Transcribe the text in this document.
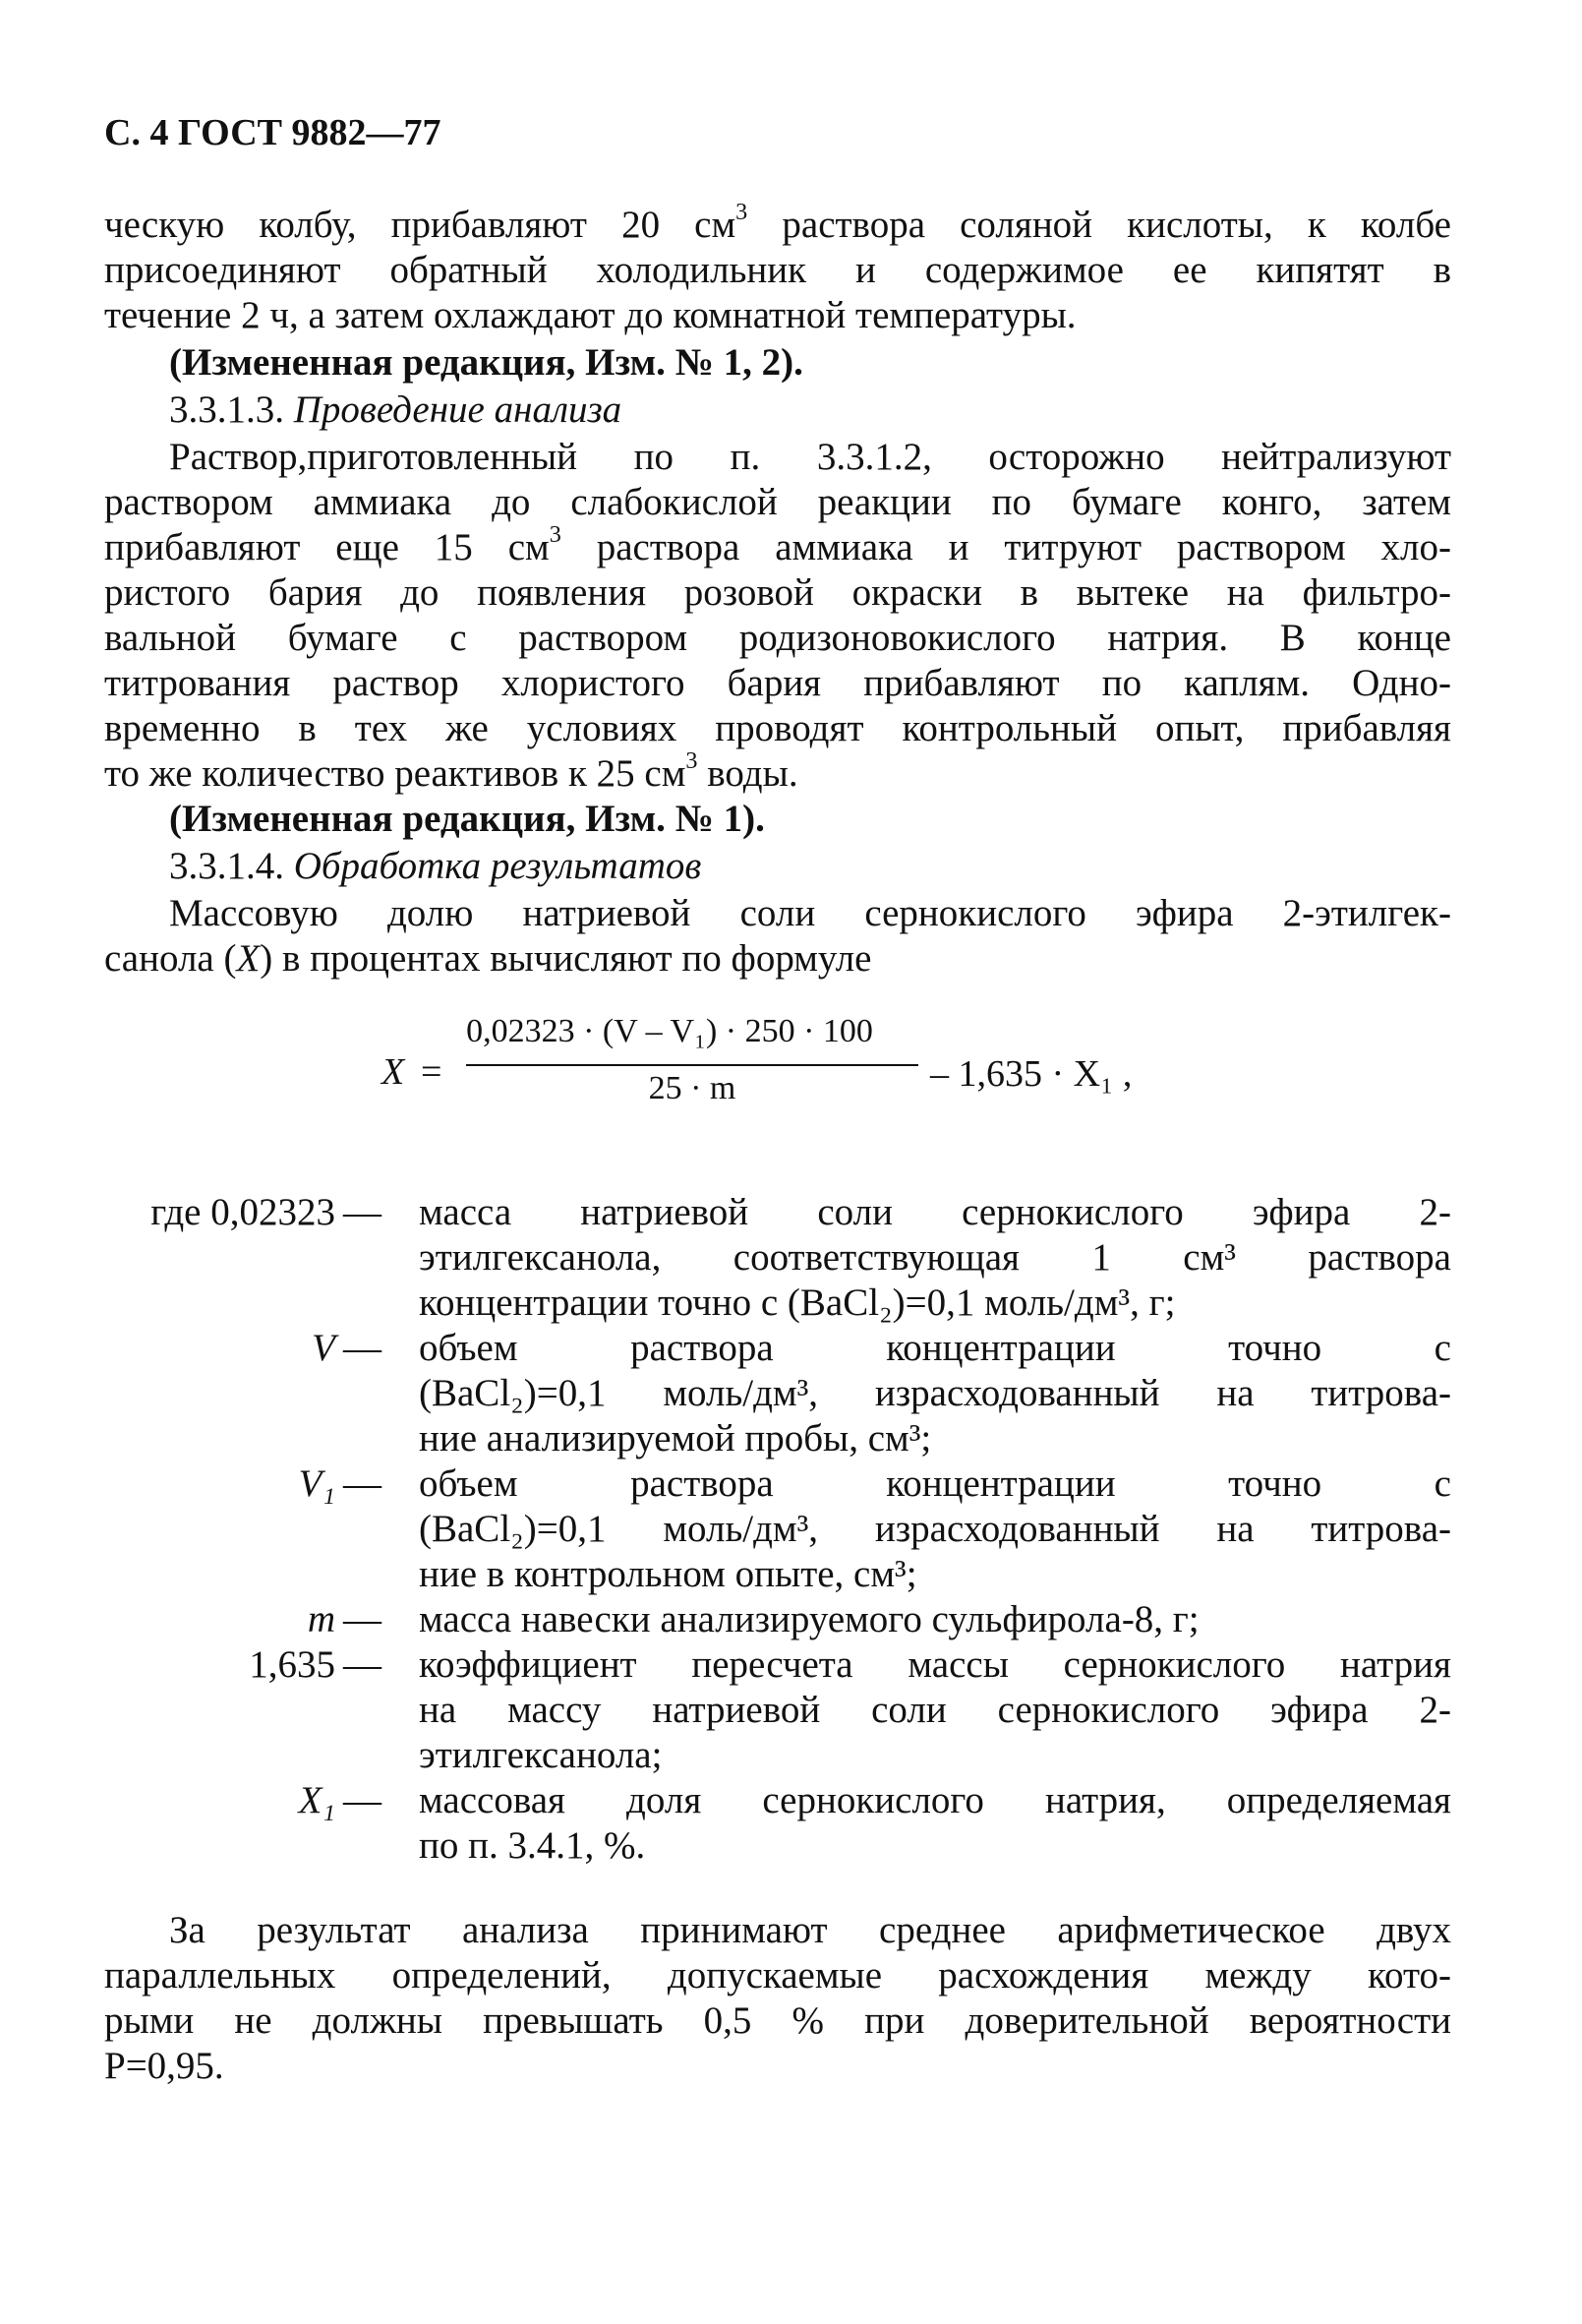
С. 4 ГОСТ 9882—77
ческую колбу, прибавляют 20 $см^3$ раствора соляной кислоты, к колбе
присоединяют обратный холодильник и содержимое ее кипятят в
течение 2 ч, а затем охлаждают до комнатной температуры.
(Измененная редакция, Изм. № 1, 2).
3.3.1.3. Проведение анализа
Раствор,приготовленный по п. 3.3.1.2, осторожно нейтрализуют
раствором аммиака до слабокислой реакции по бумаге конго, затем
прибавляют еще 15 $см^3$ раствора аммиака и титруют раствором хло-
ристого бария до появления розовой окраски в вытеке на фильтро-
вальной бумаге с раствором родизоновокислого натрия. В конце
титрования раствор хлористого бария прибавляют по каплям. Одно-
временно в тех же условиях проводят контрольный опыт, прибавляя
то же количество реактивов к 25 $см^3$ воды.
(Измененная редакция, Изм. № 1).
3.3.1.4. Обработка результатов
Массовую долю натриевой соли сернокислого эфира 2-этилгек-
санола (X) в процентах вычисляют по формуле
X =
0,02323 · (V – V₁) · 250 · 100
25 · m	– 1,635 · X₁ ,
где 0,02323 — масса натриевой соли сернокислого эфира 2-
этилгексанола, соответствующая 1 см³ раствора
концентрации точно с (BaCl₂)=0,1 моль/дм³, г;
V — объем раствора концентрации точно с
(BaCl₂)=0,1 моль/дм³, израсходованный на титрова-
ние анализируемой пробы, см³;
V₁ — объем раствора концентрации точно с
(BaCl₂)=0,1 моль/дм³, израсходованный на титрова-
ние в контрольном опыте, см³;
m — масса навески анализируемого сульфирола-8, г;
1,635 — коэффициент пересчета массы сернокислого натрия
на массу натриевой соли сернокислого эфира 2-
этилгексанола;
X₁ — массовая доля сернокислого натрия, определяемая
по п. 3.4.1, %.
За результат анализа принимают среднее арифметическое двух
параллельных определений, допускаемые расхождения между кото-
рыми не должны превышать 0,5 % при доверительной вероятности
P=0,95.
